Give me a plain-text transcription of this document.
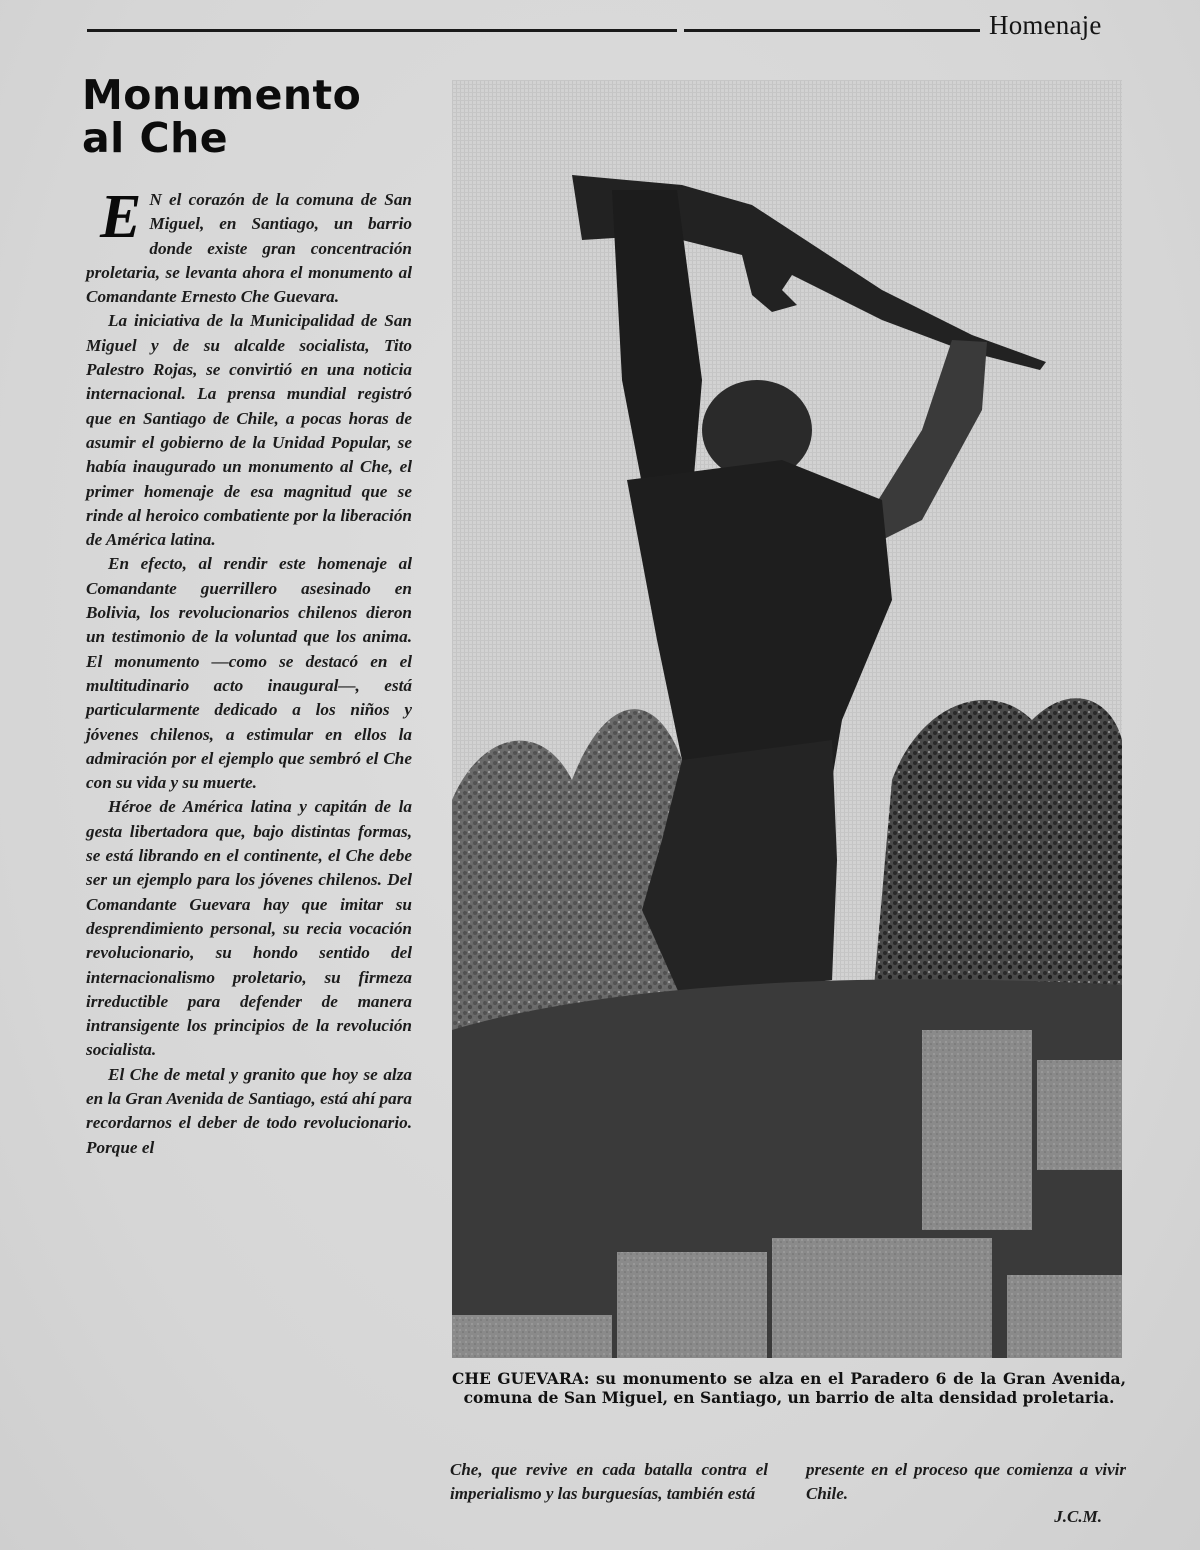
Homenaje
Monumento
al Che

E N el corazón de la comuna de San Miguel, en Santiago, un barrio donde existe gran concentración proletaria, se levanta ahora el monumento al Comandante Ernesto Che Guevara.

La iniciativa de la Municipalidad de San Miguel y de su alcalde socialista, Tito Palestro Rojas, se convirtió en una noticia internacional. La prensa mundial registró que en Santiago de Chile, a pocas horas de asumir el gobierno de la Unidad Popular, se había inaugurado un monumento al Che, el primer homenaje de esa magnitud que se rinde al heroico combatiente por la liberación de América latina.

En efecto, al rendir este homenaje al Comandante guerrillero asesinado en Bolivia, los revolucionarios chilenos dieron un testimonio de la voluntad que los anima. El monumento —como se destacó en el multitudinario acto inaugural—, está particularmente dedicado a los niños y jóvenes chilenos, a estimular en ellos la admiración por el ejemplo que sembró el Che con su vida y su muerte.

Héroe de América latina y capitán de la gesta libertadora que, bajo distintas formas, se está librando en el continente, el Che debe ser un ejemplo para los jóvenes chilenos. Del Comandante Guevara hay que imitar su desprendimiento personal, su recia vocación revolucionario, su hondo sentido del internacionalismo proletario, su firmeza irreductible para defender de manera intransigente los principios de la revolución socialista.

El Che de metal y granito que hoy se alza en la Gran Avenida de Santiago, está ahí para recordarnos el deber de todo revolucionario. Porque el

CHE GUEVARA: su monumento se alza en el Paradero 6 de la Gran Avenida, comuna de San Miguel, en Santiago, un barrio de alta densidad proletaria.

Che, que revive en cada batalla contra el imperialismo y las burguesías, también está

presente en el proceso que comienza a vivir Chile.

J.C.M.
